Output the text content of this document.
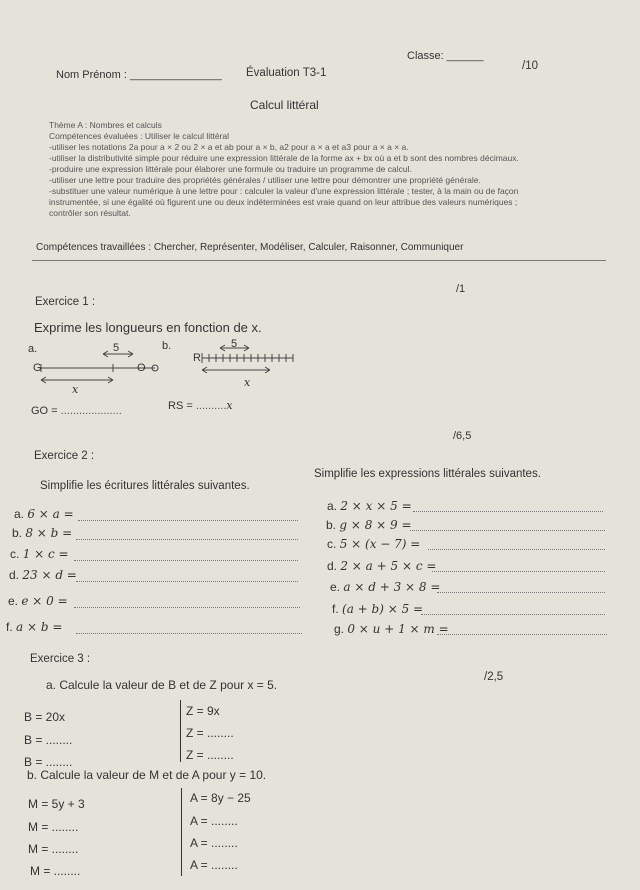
Classe: ______
Nom Prénom : _______________ Évaluation T3-1
/10
Calcul littéral
Thème A : Nombres et calculs
Compétences évaluées : Utiliser le calcul littéral
-utiliser les notations 2a pour a × 2 ou 2 × a et ab pour a × b, a2 pour a × a et a3 pour a × a × a.
-utiliser la distributivité simple pour réduire une expression littérale de la forme ax + bx où a et b sont des nombres décimaux.
-produire une expression littérale pour élaborer une formule ou traduire un programme de calcul.
-utiliser une lettre pour traduire des propriétés générales / utiliser une lettre pour démontrer une propriété générale.
-substituer une valeur numérique à une lettre pour : calculer la valeur d'une expression littérale ; tester, à la main ou de façon
instrumentée, si une égalité où figurent une ou deux indéterminées est vraie quand on leur attribue des valeurs numériques ;
contrôler son résultat.
Compétences travaillées : Chercher, Représenter, Modéliser, Calculer, Raisonner, Communiquer
/1
Exercice 1 :
Exprime les longueurs en fonction de x.
a.	b.
5
G	O
x
5
R
x
GO = ....................	RS = ..........x
/6,5
Exercice 2 :
Simplifie les écritures littérales suivantes.
Simplifie les expressions littérales suivantes.
a. 6 × a =
b. 8 × b =
c. 1 × c =
d. 23 × d =
e. e × 0 =
f. a × b =
a. 2 × x × 5 =
b. g × 8 × 9 =
c. 5 × (x − 7) =
d. 2 × a + 5 × c =
e. a × d + 3 × 8 =
f. (a + b) × 5 =
g. 0 × u + 1 × m =
Exercice 3 :
/2,5
a. Calcule la valeur de B et de Z pour x = 5.
B = 20x
B = ........
B = ........
Z = 9x
Z = ........
Z = ........
b. Calcule la valeur de M et de A pour y = 10.
M = 5y + 3
M = ........
M = ........
M = ........
A = 8y − 25
A = ........
A = ........
A = ........
